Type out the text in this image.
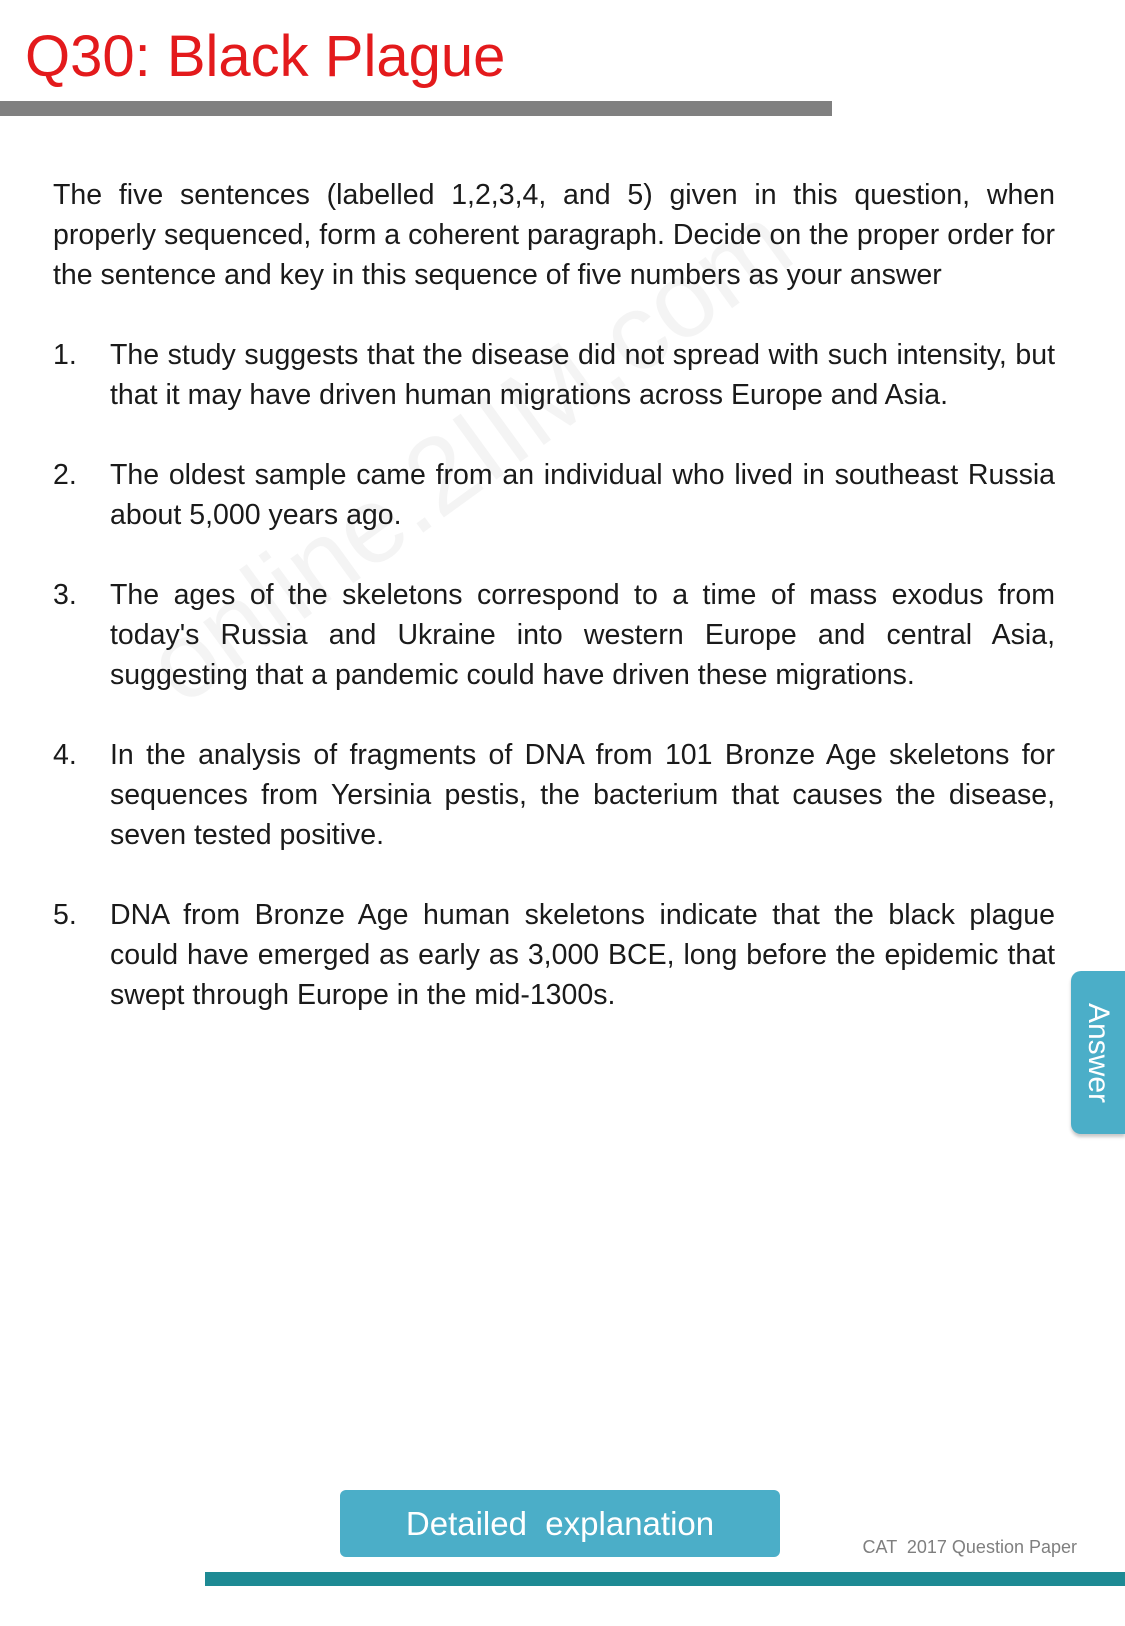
Q30: Black Plague

The five sentences (labelled 1,2,3,4, and 5) given in this question, when properly sequenced, form a coherent paragraph. Decide on the proper order for the sentence and key in this sequence of five numbers as your answer

1.	The study suggests that the disease did not spread with such intensity, but that it may have driven human migrations across Europe and Asia.
2.	The oldest sample came from an individual who lived in southeast Russia about 5,000 years ago.
3.	The ages of the skeletons correspond to a time of mass exodus from today's Russia and Ukraine into western Europe and central Asia, suggesting that a pandemic could have driven these migrations.
4.	In the analysis of fragments of DNA from 101 Bronze Age skeletons for sequences from Yersinia pestis, the bacterium that causes the disease, seven tested positive.
5.	DNA from Bronze Age human skeletons indicate that the black plague could have emerged as early as 3,000 BCE, long before the epidemic that swept through Europe in the mid-1300s.
Answer
Detailed  explanation
CAT  2017 Question Paper
